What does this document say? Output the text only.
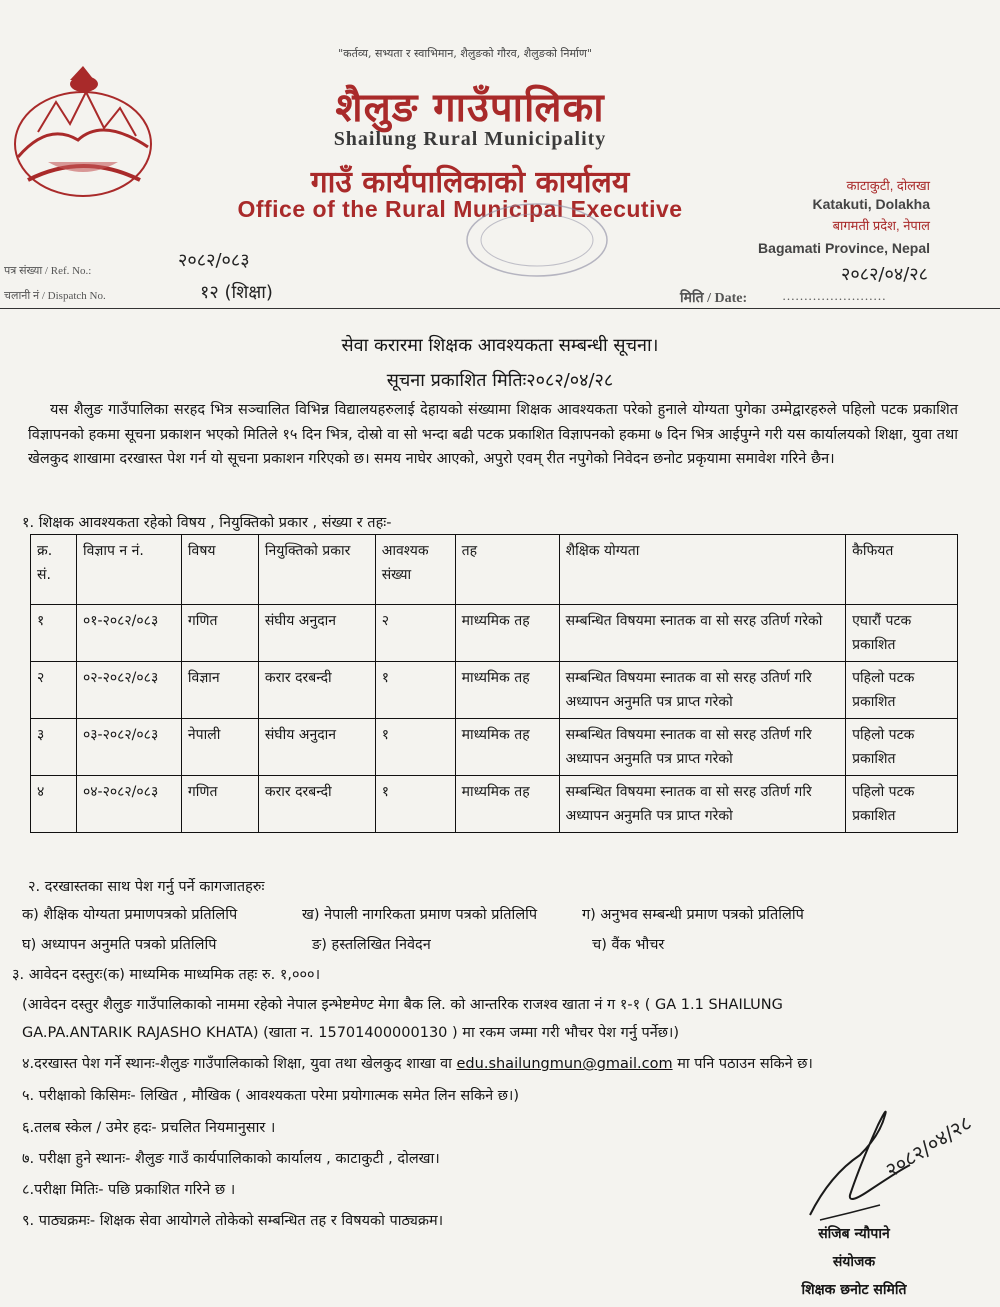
"कर्तव्य, सभ्यता र स्वाभिमान, शैलुङको गौरव, शैलुङको निर्माण"
शैलुङ गाउँपालिका
Shailung Rural Municipality
गाउँ कार्यपालिकाको कार्यालय
Office of the Rural Municipal Executive
काटाकुटी, दोलखा
Katakuti, Dolakha
बागमती प्रदेश, नेपाल
Bagamati Province, Nepal
२०८२/०४/२८
पत्र संख्या / Ref. No.:	२०८२/०८३
चलानी नं / Dispatch No.	१२ (शिक्षा)	मिति / Date:	……………………
सेवा करारमा शिक्षक आवश्यकता सम्बन्धी सूचना।
सूचना प्रकाशित मितिः२०८२/०४/२८
यस शैलुङ गाउँपालिका सरहद भित्र सञ्चालित विभिन्न विद्यालयहरुलाई देहायको संख्यामा शिक्षक आवश्यकता परेको हुनाले योग्यता पुगेका उम्मेद्वारहरुले पहिलो पटक प्रकाशित विज्ञापनको हकमा सूचना प्रकाशन भएको मितिले १५ दिन भित्र, दोस्रो वा सो भन्दा बढी पटक प्रकाशित विज्ञापनको हकमा ७ दिन भित्र आईपुग्ने गरी यस कार्यालयको शिक्षा, युवा तथा खेलकुद शाखामा दरखास्त पेश गर्न यो सूचना प्रकाशन गरिएको छ। समय नाघेर आएको, अपुरो एवम् रीत नपुगेको निवेदन छनोट प्रकृयामा समावेश गरिने छैन।
१. शिक्षक आवश्यकता रहेको विषय , नियुक्तिको प्रकार , संख्या र तहः-
क्र. सं.	विज्ञाप न नं.	विषय	नियुक्तिको प्रकार	आवश्यक संख्या	तह	शैक्षिक योग्यता	कैफियत
१	०१-२०८२/०८३	गणित	संघीय अनुदान	२	माध्यमिक तह	सम्बन्धित विषयमा स्नातक वा सो सरह उतिर्ण गरेको	एघारौं पटक प्रकाशित
२	०२-२०८२/०८३	विज्ञान	करार दरबन्दी	१	माध्यमिक तह	सम्बन्धित विषयमा स्नातक वा सो सरह उतिर्ण गरि अध्यापन अनुमति पत्र प्राप्त गरेको	पहिलो पटक प्रकाशित
३	०३-२०८२/०८३	नेपाली	संघीय अनुदान	१	माध्यमिक तह	सम्बन्धित विषयमा स्नातक वा सो सरह उतिर्ण गरि अध्यापन अनुमति पत्र प्राप्त गरेको	पहिलो पटक प्रकाशित
४	०४-२०८२/०८३	गणित	करार दरबन्दी	१	माध्यमिक तह	सम्बन्धित विषयमा स्नातक वा सो सरह उतिर्ण गरि अध्यापन अनुमति पत्र प्राप्त गरेको	पहिलो पटक प्रकाशित
२. दरखास्तका साथ पेश गर्नु पर्ने कागजातहरुः
क) शैक्षिक योग्यता प्रमाणपत्रको प्रतिलिपि	ख) नेपाली नागरिकता प्रमाण पत्रको प्रतिलिपि	ग) अनुभव सम्बन्धी प्रमाण पत्रको प्रतिलिपि
घ) अध्यापन अनुमति पत्रको प्रतिलिपि	ङ) हस्तलिखित निवेदन	च) वैंक भौचर
३. आवेदन दस्तुरः(क) माध्यमिक माध्यमिक तहः रु. १,०००।
(आवेदन दस्तुर शैलुङ गाउँपालिकाको नाममा रहेको नेपाल इन्भेष्टमेण्ट मेगा बैक लि. को आन्तरिक राजश्व खाता नं ग १-१ ( GA 1.1 SHAILUNG
GA.PA.ANTARIK RAJASHO KHATA) (खाता न. 15701400000130 ) मा रकम जम्मा गरी भौचर पेश गर्नु पर्नेछ।)
४.दरखास्त पेश गर्ने स्थानः-शैलुङ गाउँपालिकाको शिक्षा, युवा तथा खेलकुद शाखा वा edu.shailungmun@gmail.com मा पनि पठाउन सकिने छ।
५. परीक्षाको किसिमः- लिखित , मौखिक ( आवश्यकता परेमा प्रयोगात्मक समेत लिन सकिने छ।)
६.तलब स्केल / उमेर हदः- प्रचलित नियमानुसार ।
७. परीक्षा हुने स्थानः- शैलुङ गाउँ कार्यपालिकाको कार्यालय , काटाकुटी , दोलखा।
८.परीक्षा मितिः- पछि प्रकाशित गरिने छ ।
९. पाठ्यक्रमः- शिक्षक सेवा आयोगले तोकेको सम्बन्धित तह र विषयको पाठ्यक्रम।
२०८२/०४/२८
संजिब न्यौपाने
संयोजक
शिक्षक छनोट समिति
